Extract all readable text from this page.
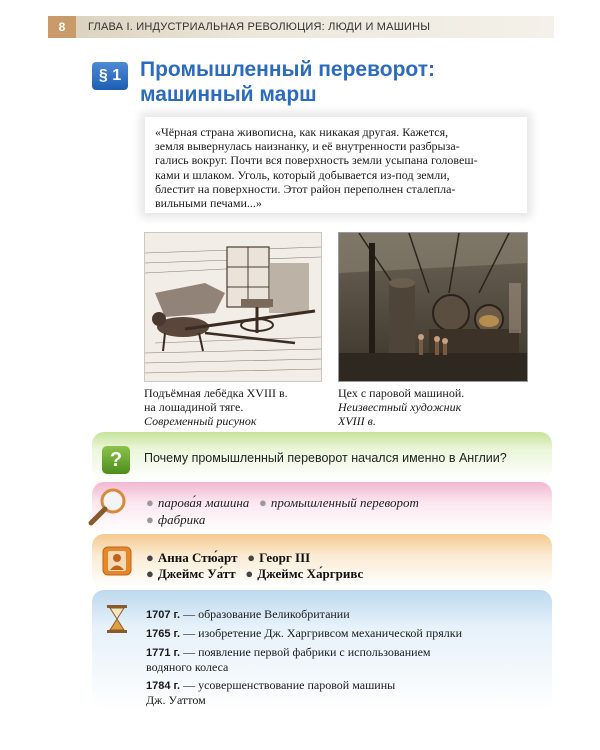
8	ГЛАВА I. ИНДУСТРИАЛЬНАЯ РЕВОЛЮЦИЯ: ЛЮДИ И МАШИНЫ
§ 1 Промышленный переворот:
машинный марш
«Чёрная страна живописна, как никакая другая. Кажется,
земля вывернулась наизнанку, и её внутренности разбрыза-
гались вокруг. Почти вся поверхность земли усыпана головеш-
ками и шлаком. Уголь, который добывается из-под земли,
блестит на поверхности. Этот район переполнен сталепла-
вильными печами...»
Подъёмная лебёдка XVIII в.
на лошадиной тяге.
Современный рисунок
Цех с паровой машиной.
Неизвестный художник
XVIII в.
?	Почему промышленный переворот начался именно в Англии?
● парова́я машина ● промышленный переворот
● фабрика
● Анна Стю́арт ● Георг III
● Джеймс Уа́тт ● Джеймс Ха́ргривс
1707 г. — образование Великобритании
1765 г. — изобретение Дж. Харгривсом механической прялки
1771 г. — появление первой фабрики с использованием
водяного колеса
1784 г. — усовершенствование паровой машины
Дж. Уаттом
